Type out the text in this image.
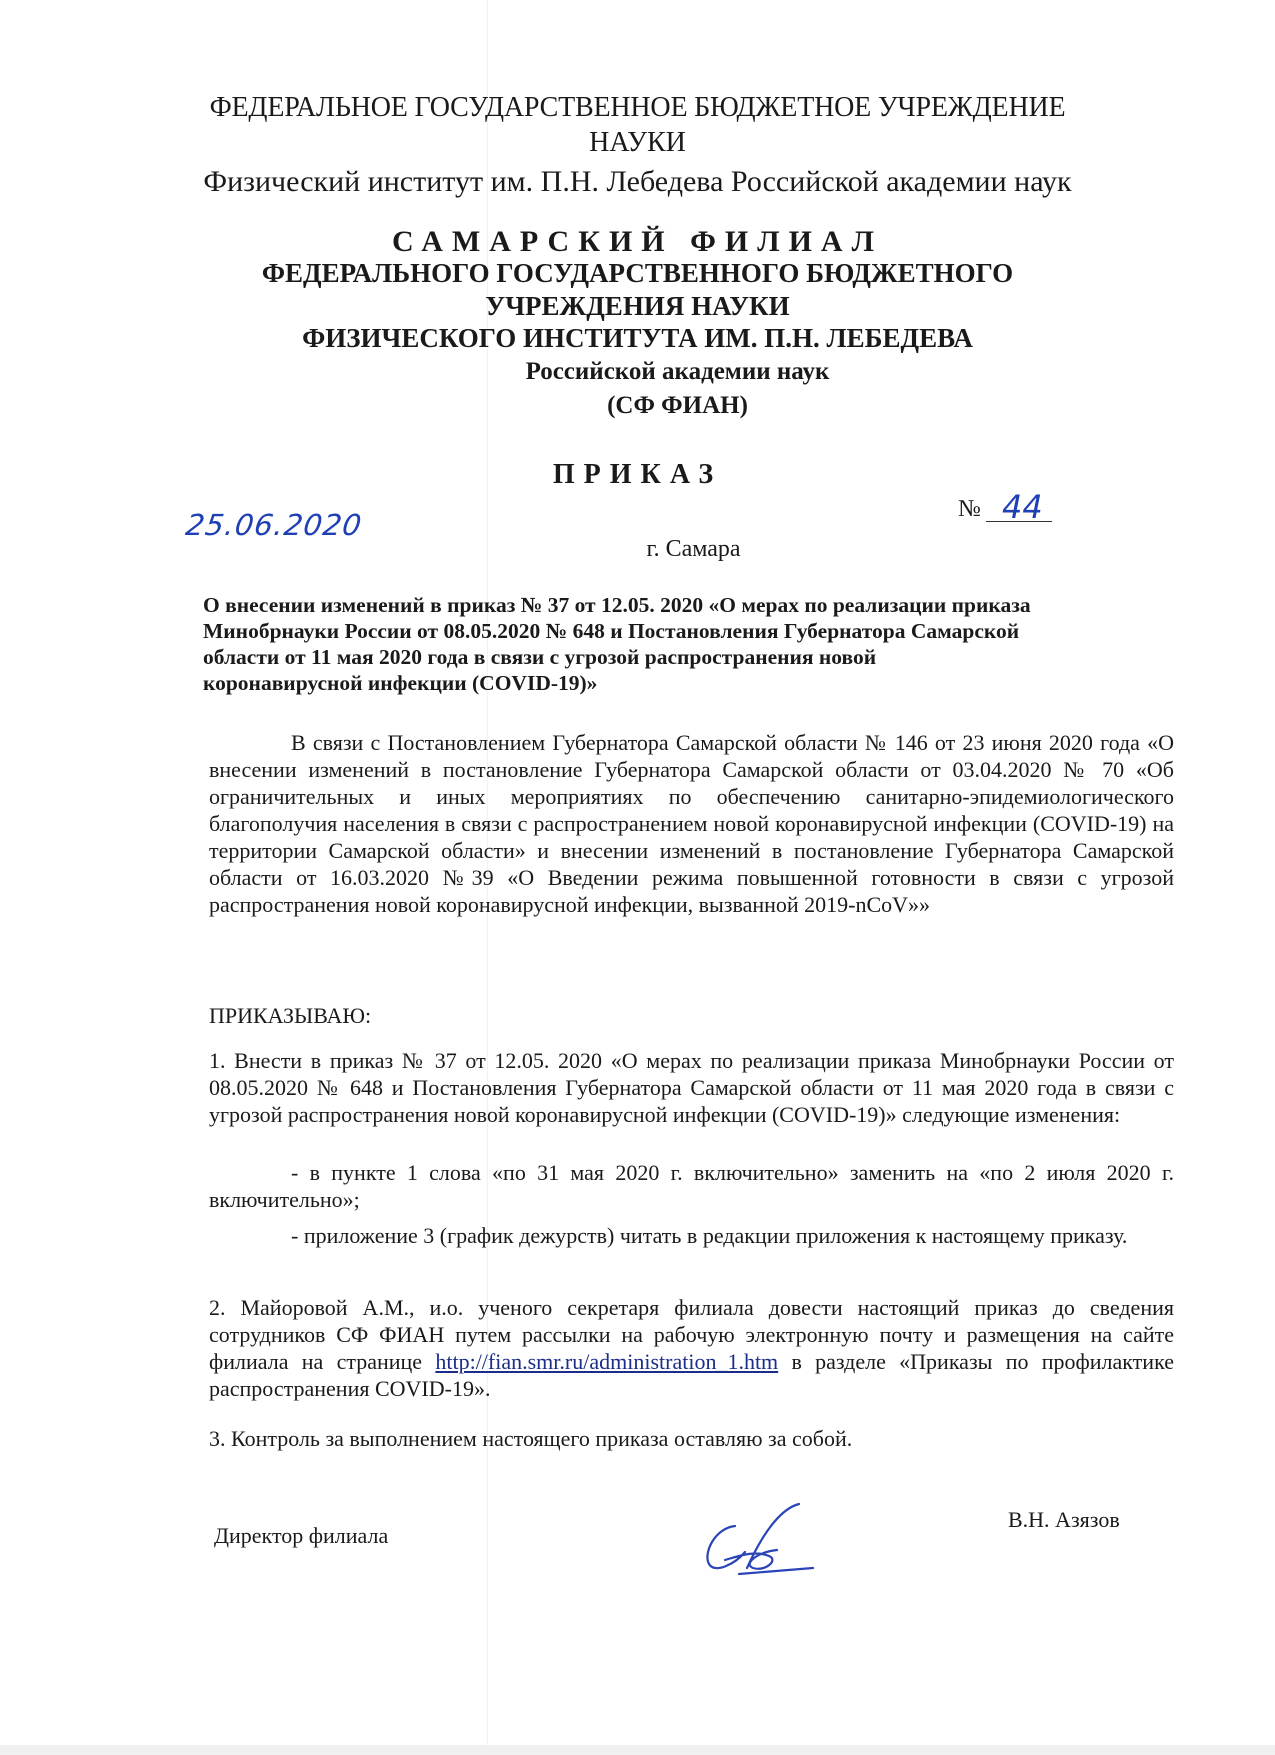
ФЕДЕРАЛЬНОЕ ГОСУДАРСТВЕННОЕ БЮДЖЕТНОЕ УЧРЕЖДЕНИЕ
НАУКИ
Физический институт им. П.Н. Лебедева Российской академии наук
САМАРСКИЙ ФИЛИАЛ
ФЕДЕРАЛЬНОГО ГОСУДАРСТВЕННОГО БЮДЖЕТНОГО
УЧРЕЖДЕНИЯ НАУКИ
ФИЗИЧЕСКОГО ИНСТИТУТА ИМ. П.Н. ЛЕБЕДЕВА
Российской академии наук
(СФ ФИАН)
ПРИКАЗ
25.06.2020	№ 44
г. Самара
О внесении изменений в приказ № 37 от 12.05. 2020 «О мерах по реализации приказа
Минобрнауки России от 08.05.2020 № 648 и Постановления Губернатора Самарской
области от 11 мая 2020 года в связи с угрозой распространения новой
коронавирусной инфекции (COVID-19)»

В связи с Постановлением Губернатора Самарской области № 146 от 23 июня 2020 года «О внесении изменений в постановление Губернатора Самарской области от 03.04.2020 № 70 «Об ограничительных и иных мероприятиях по обеспечению санитарно-эпидемиологического благополучия населения в связи с распространением новой коронавирусной инфекции (COVID-19) на территории Самарской области» и внесении изменений в постановление Губернатора Самарской области от 16.03.2020 №39 «О Введении режима повышенной готовности в связи с угрозой распространения новой коронавирусной инфекции, вызванной 2019-nCoV»»

ПРИКАЗЫВАЮ:

1. Внести в приказ № 37 от 12.05. 2020 «О мерах по реализации приказа Минобрнауки России от 08.05.2020 № 648 и Постановления Губернатора Самарской области от 11 мая 2020 года в связи с угрозой распространения новой коронавирусной инфекции (COVID-19)» следующие изменения:

- в пункте 1 слова «по 31 мая 2020 г. включительно» заменить на «по 2 июля 2020 г. включительно»;

- приложение 3 (график дежурств) читать в редакции приложения к настоящему приказу.

2. Майоровой А.М., и.о. ученого секретаря филиала довести настоящий приказ до сведения сотрудников СФ ФИАН путем рассылки на рабочую электронную почту и размещения на сайте филиала на странице http://fian.smr.ru/administration_1.htm в разделе «Приказы по профилактике распространения COVID-19».

3. Контроль за выполнением настоящего приказа оставляю за собой.

Директор филиала
В.Н. Азязов
